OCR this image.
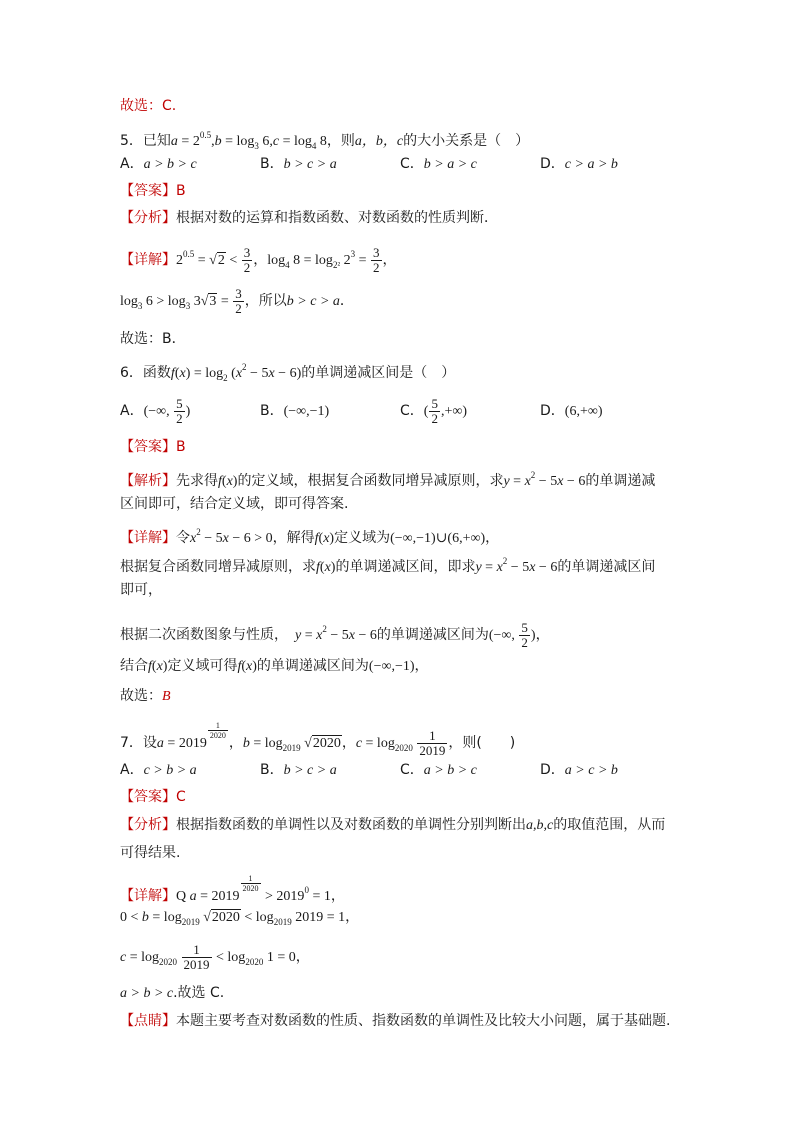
故选：C.
5．已知$a = 2^{0.5},b = \log_3 6,c = \log_4 8$，则a，b，c的大小关系是（　）
A．a > b > c	B．b > c > a	C．b > a > c	D．c > a > b
【答案】B
【分析】根据对数的运算和指数函数、对数函数的性质判断．
【详解】$2^{0.5} = √2 < \frac{3}{2}$ ，$\log_4 8 = \log_{2^2} 2^3 = \frac{3}{2}$ ，
$\log_3 6 > \log_3 3√3 = \frac{3}{2}$ ，所以b > c > a．
故选：B．
6．函数$f(x) = \log_2 (x^2 - 5x - 6)$的单调递减区间是（　）
A．(−∞, $\frac{5}{2}$ )	B．(−∞,−1)	C．( $\frac{5}{2}$ ,+∞)	D．(6,+∞)
【答案】B
【解析】先求得f(x)的定义域，根据复合函数同增异减原则，求$y = x^2 - 5x - 6$的单调递减
区间即可，结合定义域，即可得答案.
【详解】令$x^2 - 5x - 6 > 0$，解得f(x)定义域为(−∞,−1)∪(6,+∞)，
根据复合函数同增异减原则，求f(x)的单调递减区间，即求$y = x^2 - 5x - 6$的单调递减区间
即可，
根据二次函数图象与性质，　 $y = x^2 - 5x - 6$的单调递减区间为(−∞, $\frac{5}{2}$ )，
结合f(x)定义域可得f(x)的单调递减区间为(−∞,−1)，
故选：B
7．设a = 2019
$\frac{1}{2020}$
，$b = \log_{2019} √2020$，$c = \log_{2020} \frac{1}{2019}$ ，则(　　)
A．c > b > a	B．b > c > a	C．a > b > c	D．a > c > b
【答案】C
【分析】根据指数函数的单调性以及对数函数的单调性分别判断出a,b,c的取值范围，从而
可得结果.
【详解】Q a = 2019
$\frac{1}{2020}$
> $2019^0 = 1$，
$0 < b = \log_{2019} √2020 < \log_{2019} 2019 = 1$，
$c = \log_{2020} \frac{1}{2019} < \log_{2020} 1 = 0$，
a > b > c.故选 C.
【点睛】本题主要考查对数函数的性质、指数函数的单调性及比较大小问题，属于基础题.
